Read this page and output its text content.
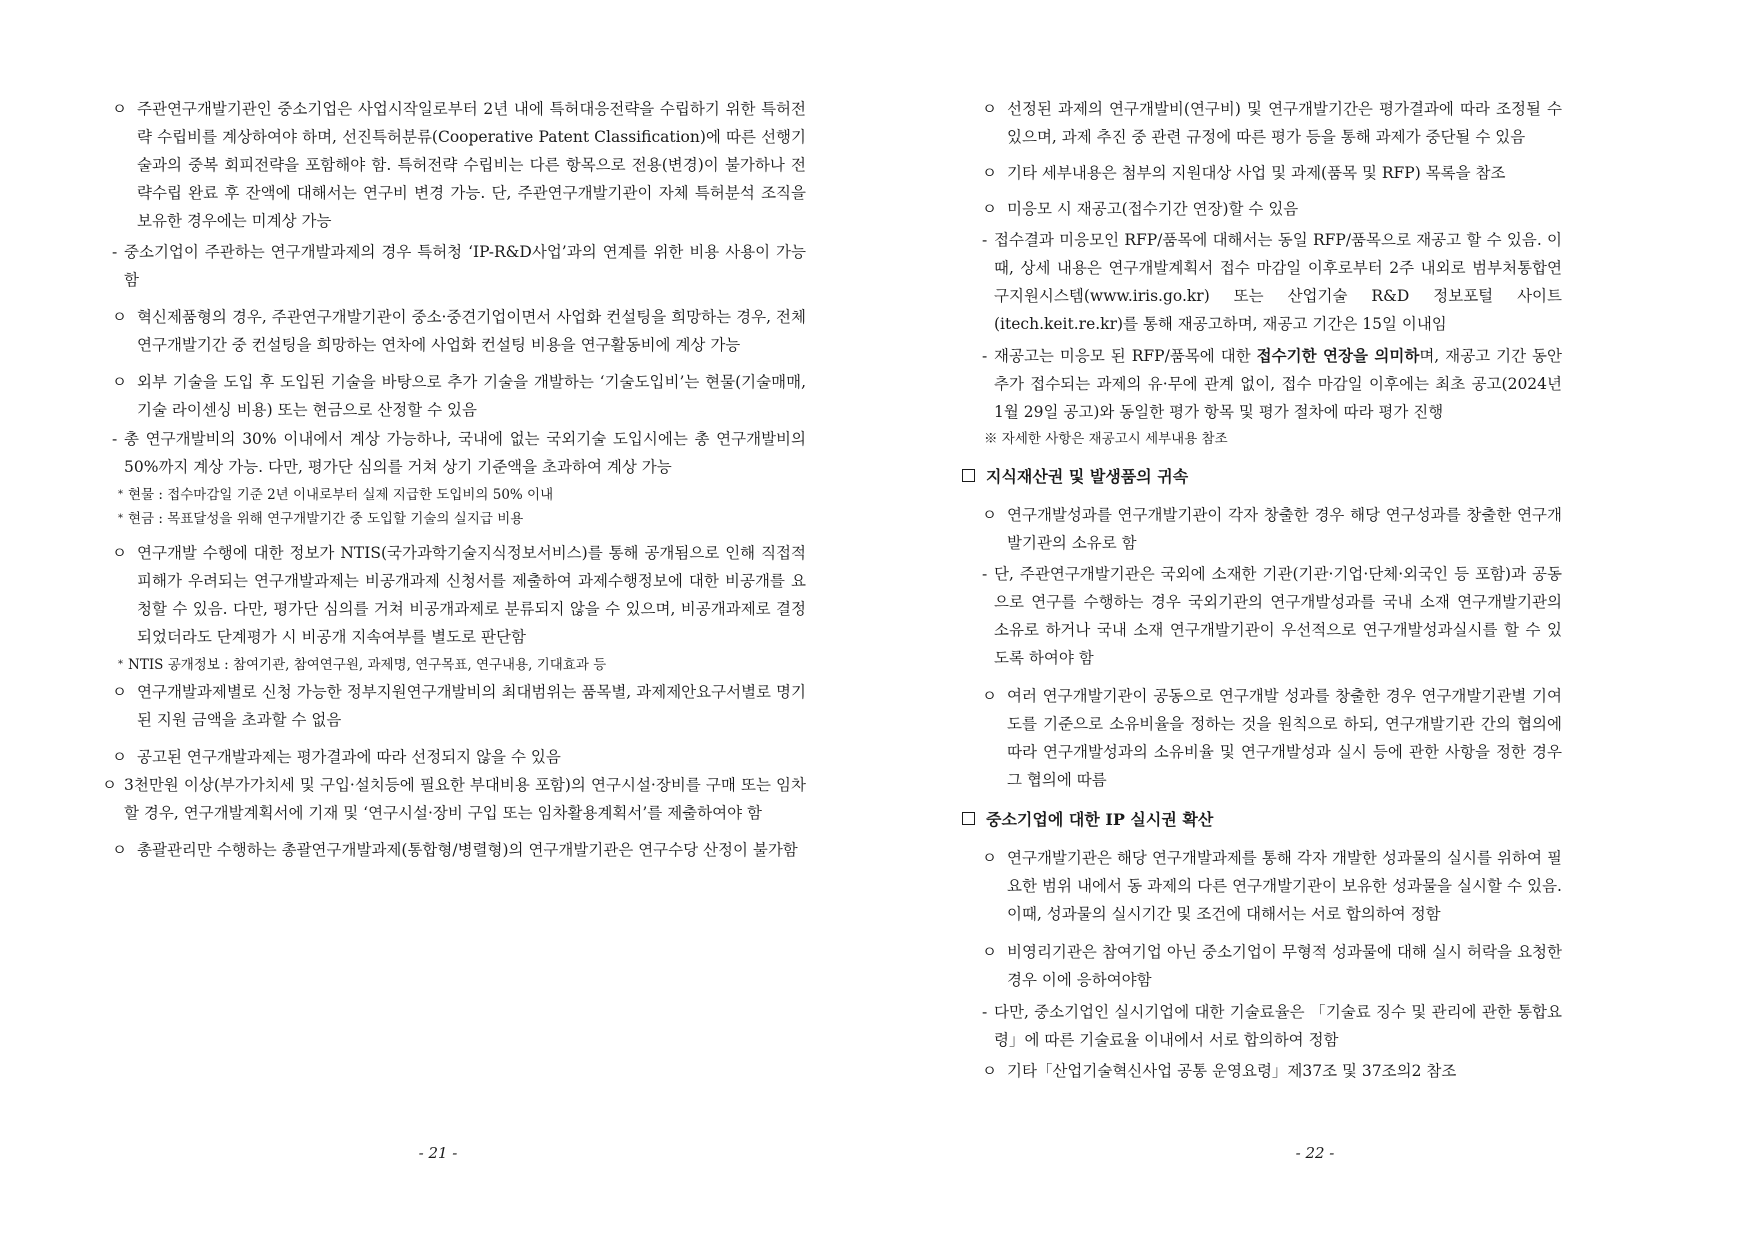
ㅇ 주관연구개발기관인 중소기업은 사업시작일로부터 2년 내에 특허대응전략을 수립하기 위한 특허전략 수립비를 계상하여야 하며, 선진특허분류(Cooperative Patent Classification)에 따른 선행기술과의 중복 회피전략을 포함해야 함. 특허전략 수립비는 다른 항목으로 전용(변경)이 불가하나 전략수립 완료 후 잔액에 대해서는 연구비 변경 가능. 단, 주관연구개발기관이 자체 특허분석 조직을 보유한 경우에는 미계상 가능
- 중소기업이 주관하는 연구개발과제의 경우 특허청 ‘IP-R&D사업’과의 연계를 위한 비용 사용이 가능함
ㅇ 혁신제품형의 경우, 주관연구개발기관이 중소·중견기업이면서 사업화 컨설팅을 희망하는 경우, 전체 연구개발기간 중 컨설팅을 희망하는 연차에 사업화 컨설팅 비용을 연구활동비에 계상 가능
ㅇ 외부 기술을 도입 후 도입된 기술을 바탕으로 추가 기술을 개발하는 ‘기술도입비’는 현물(기술매매, 기술 라이센싱 비용) 또는 현금으로 산정할 수 있음
- 총 연구개발비의 30% 이내에서 계상 가능하나, 국내에 없는 국외기술 도입시에는 총 연구개발비의 50%까지 계상 가능. 다만, 평가단 심의를 거쳐 상기 기준액을 초과하여 계상 가능
* 현물 : 접수마감일 기준 2년 이내로부터 실제 지급한 도입비의 50% 이내
* 현금 : 목표달성을 위해 연구개발기간 중 도입할 기술의 실지급 비용
ㅇ 연구개발 수행에 대한 정보가 NTIS(국가과학기술지식정보서비스)를 통해 공개됨으로 인해 직접적 피해가 우려되는 연구개발과제는 비공개과제 신청서를 제출하여 과제수행정보에 대한 비공개를 요청할 수 있음. 다만, 평가단 심의를 거쳐 비공개과제로 분류되지 않을 수 있으며, 비공개과제로 결정되었더라도 단계평가 시 비공개 지속여부를 별도로 판단함
* NTIS 공개정보 : 참여기관, 참여연구원, 과제명, 연구목표, 연구내용, 기대효과 등
ㅇ 연구개발과제별로 신청 가능한 정부지원연구개발비의 최대범위는 품목별, 과제제안요구서별로 명기된 지원 금액을 초과할 수 없음
ㅇ 공고된 연구개발과제는 평가결과에 따라 선정되지 않을 수 있음
ㅇ 3천만원 이상(부가가치세 및 구입·설치등에 필요한 부대비용 포함)의 연구시설·장비를 구매 또는 임차할 경우, 연구개발계획서에 기재 및 ‘연구시설·장비 구입 또는 임차활용계획서’를 제출하여야 함
ㅇ 총괄관리만 수행하는 총괄연구개발과제(통합형/병렬형)의 연구개발기관은 연구수당 산정이 불가함
- 21 -
ㅇ 선정된 과제의 연구개발비(연구비) 및 연구개발기간은 평가결과에 따라 조정될 수 있으며, 과제 추진 중 관련 규정에 따른 평가 등을 통해 과제가 중단될 수 있음
ㅇ 기타 세부내용은 첨부의 지원대상 사업 및 과제(품목 및 RFP) 목록을 참조
ㅇ 미응모 시 재공고(접수기간 연장)할 수 있음
- 접수결과 미응모인 RFP/품목에 대해서는 동일 RFP/품목으로 재공고 할 수 있음. 이때, 상세 내용은 연구개발계획서 접수 마감일 이후로부터 2주 내외로 범부처통합연구지원시스템(www.iris.go.kr) 또는 산업기술 R&D 정보포털 사이트(itech.keit.re.kr)를 통해 재공고하며, 재공고 기간은 15일 이내임
- 재공고는 미응모 된 RFP/품목에 대한 접수기한 연장을 의미하며, 재공고 기간 동안 추가 접수되는 과제의 유·무에 관계 없이, 접수 마감일 이후에는 최초 공고(2024년 1월 29일 공고)와 동일한 평가 항목 및 평가 절차에 따라 평가 진행
※ 자세한 사항은 재공고시 세부내용 참조
지식재산권 및 발생품의 귀속
ㅇ 연구개발성과를 연구개발기관이 각자 창출한 경우 해당 연구성과를 창출한 연구개발기관의 소유로 함
- 단, 주관연구개발기관은 국외에 소재한 기관(기관·기업·단체·외국인 등 포함)과 공동으로 연구를 수행하는 경우 국외기관의 연구개발성과를 국내 소재 연구개발기관의 소유로 하거나 국내 소재 연구개발기관이 우선적으로 연구개발성과실시를 할 수 있도록 하여야 함
ㅇ 여러 연구개발기관이 공동으로 연구개발 성과를 창출한 경우 연구개발기관별 기여도를 기준으로 소유비율을 정하는 것을 원칙으로 하되, 연구개발기관 간의 협의에 따라 연구개발성과의 소유비율 및 연구개발성과 실시 등에 관한 사항을 정한 경우 그 협의에 따름
중소기업에 대한 IP 실시권 확산
ㅇ 연구개발기관은 해당 연구개발과제를 통해 각자 개발한 성과물의 실시를 위하여 필요한 범위 내에서 동 과제의 다른 연구개발기관이 보유한 성과물을 실시할 수 있음. 이때, 성과물의 실시기간 및 조건에 대해서는 서로 합의하여 정함
ㅇ 비영리기관은 참여기업 아닌 중소기업이 무형적 성과물에 대해 실시 허락을 요청한 경우 이에 응하여야함
- 다만, 중소기업인 실시기업에 대한 기술료율은 「기술료 징수 및 관리에 관한 통합요령」에 따른 기술료율 이내에서 서로 합의하여 정함
ㅇ 기타「산업기술혁신사업 공통 운영요령」제37조 및 37조의2 참조
- 22 -
